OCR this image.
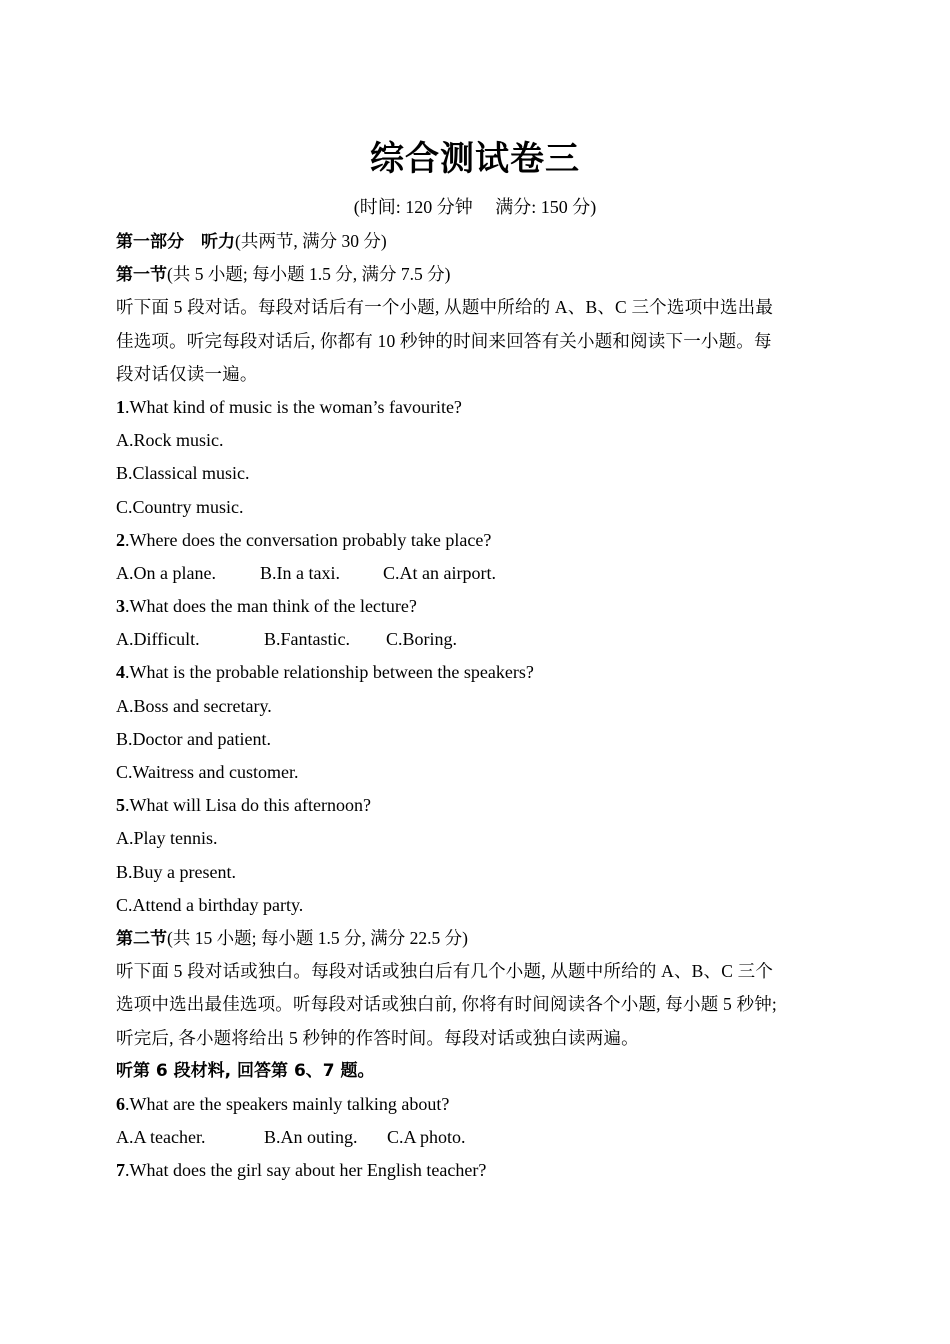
综合测试卷三
(时间: 120 分钟　 满分: 150 分)
第一部分　听力(共两节, 满分 30 分)
第一节(共 5 小题; 每小题 1.5 分, 满分 7.5 分)
听下面 5 段对话。每段对话后有一个小题, 从题中所给的 A、B、C 三个选项中选出最
佳选项。听完每段对话后, 你都有 10 秒钟的时间来回答有关小题和阅读下一小题。每
段对话仅读一遍。
1.What kind of music is the woman’s favourite?
A.Rock music.
B.Classical music.
C.Country music.
2.Where does the conversation probably take place?
A.On a plane. B.In a taxi. C.At an airport.
3.What does the man think of the lecture?
A.Difficult.	B.Fantastic. C.Boring.
4.What is the probable relationship between the speakers?
A.Boss and secretary.
B.Doctor and patient.
C.Waitress and customer.
5.What will Lisa do this afternoon?
A.Play tennis.
B.Buy a present.
C.Attend a birthday party.
第二节(共 15 小题; 每小题 1.5 分, 满分 22.5 分)
听下面 5 段对话或独白。每段对话或独白后有几个小题, 从题中所给的 A、B、C 三个
选项中选出最佳选项。听每段对话或独白前, 你将有时间阅读各个小题, 每小题 5 秒钟;
听完后, 各小题将给出 5 秒钟的作答时间。每段对话或独白读两遍。
听第 6 段材料, 回答第 6、7 题。
6.What are the speakers mainly talking about?
A.A teacher.	B.An outing. C.A photo.
7.What does the girl say about her English teacher?
